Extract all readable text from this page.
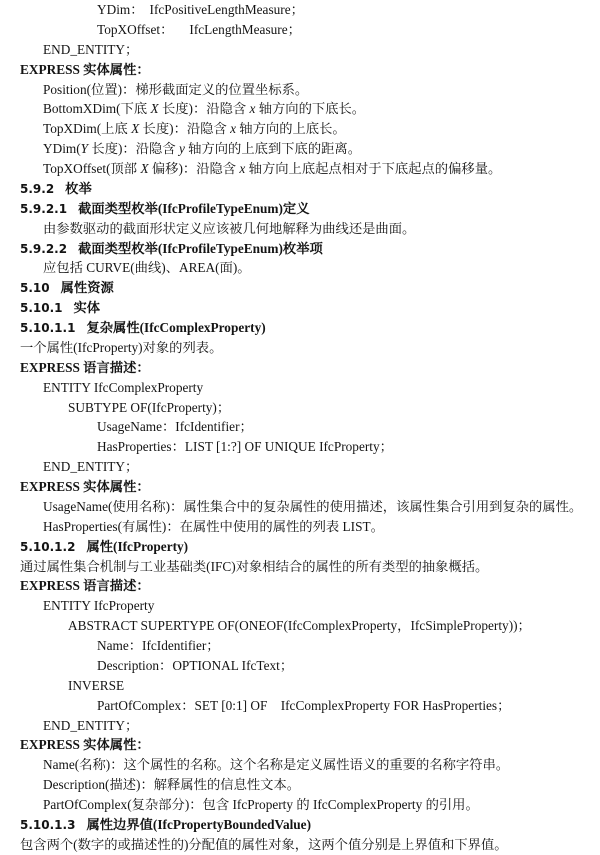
YDim： IfcPositiveLengthMeasure；
TopXOffset： IfcLengthMeasure；
END_ENTITY；
EXPRESS 实体属性：
Position(位置)：梯形截面定义的位置坐标系。
BottomXDim(下底 X 长度)：沿隐含 x 轴方向的下底长。
TopXDim(上底 X 长度)：沿隐含 x 轴方向的上底长。
YDim(Y 长度)：沿隐含 y 轴方向的上底到下底的距离。
TopXOffset(顶部 X 偏移)：沿隐含 x 轴方向上底起点相对于下底起点的偏移量。
5.9.2 枚举
5.9.2.1 截面类型枚举(IfcProfileTypeEnum)定义
由参数驱动的截面形状定义应该被几何地解释为曲线还是曲面。
5.9.2.2 截面类型枚举(IfcProfileTypeEnum)枚举项
应包括 CURVE(曲线)、AREA(面)。
5.10 属性资源
5.10.1 实体
5.10.1.1 复杂属性(IfcComplexProperty)
一个属性(IfcProperty)对象的列表。
EXPRESS 语言描述：
ENTITY IfcComplexProperty
SUBTYPE OF(IfcProperty)；
UsageName：IfcIdentifier；
HasProperties：LIST [1:?] OF UNIQUE IfcProperty；
END_ENTITY；
EXPRESS 实体属性：
UsageName(使用名称)：属性集合中的复杂属性的使用描述，该属性集合引用到复杂的属性。
HasProperties(有属性)：在属性中使用的属性的列表 LIST。
5.10.1.2 属性(IfcProperty)
通过属性集合机制与工业基础类(IFC)对象相结合的属性的所有类型的抽象概括。
EXPRESS 语言描述：
ENTITY IfcProperty
ABSTRACT SUPERTYPE OF(ONEOF(IfcComplexProperty，IfcSimpleProperty))；
Name：IfcIdentifier；
Description：OPTIONAL IfcText；
INVERSE
PartOfComplex：SET [0:1] OF    IfcComplexProperty FOR HasProperties；
END_ENTITY；
EXPRESS 实体属性：
Name(名称)：这个属性的名称。这个名称是定义属性语义的重要的名称字符串。
Description(描述)：解释属性的信息性文本。
PartOfComplex(复杂部分)：包含 IfcProperty 的 IfcComplexProperty 的引用。
5.10.1.3 属性边界值(IfcPropertyBoundedValue)
包含两个(数字的或描述性的)分配值的属性对象，这两个值分别是上界值和下界值。
